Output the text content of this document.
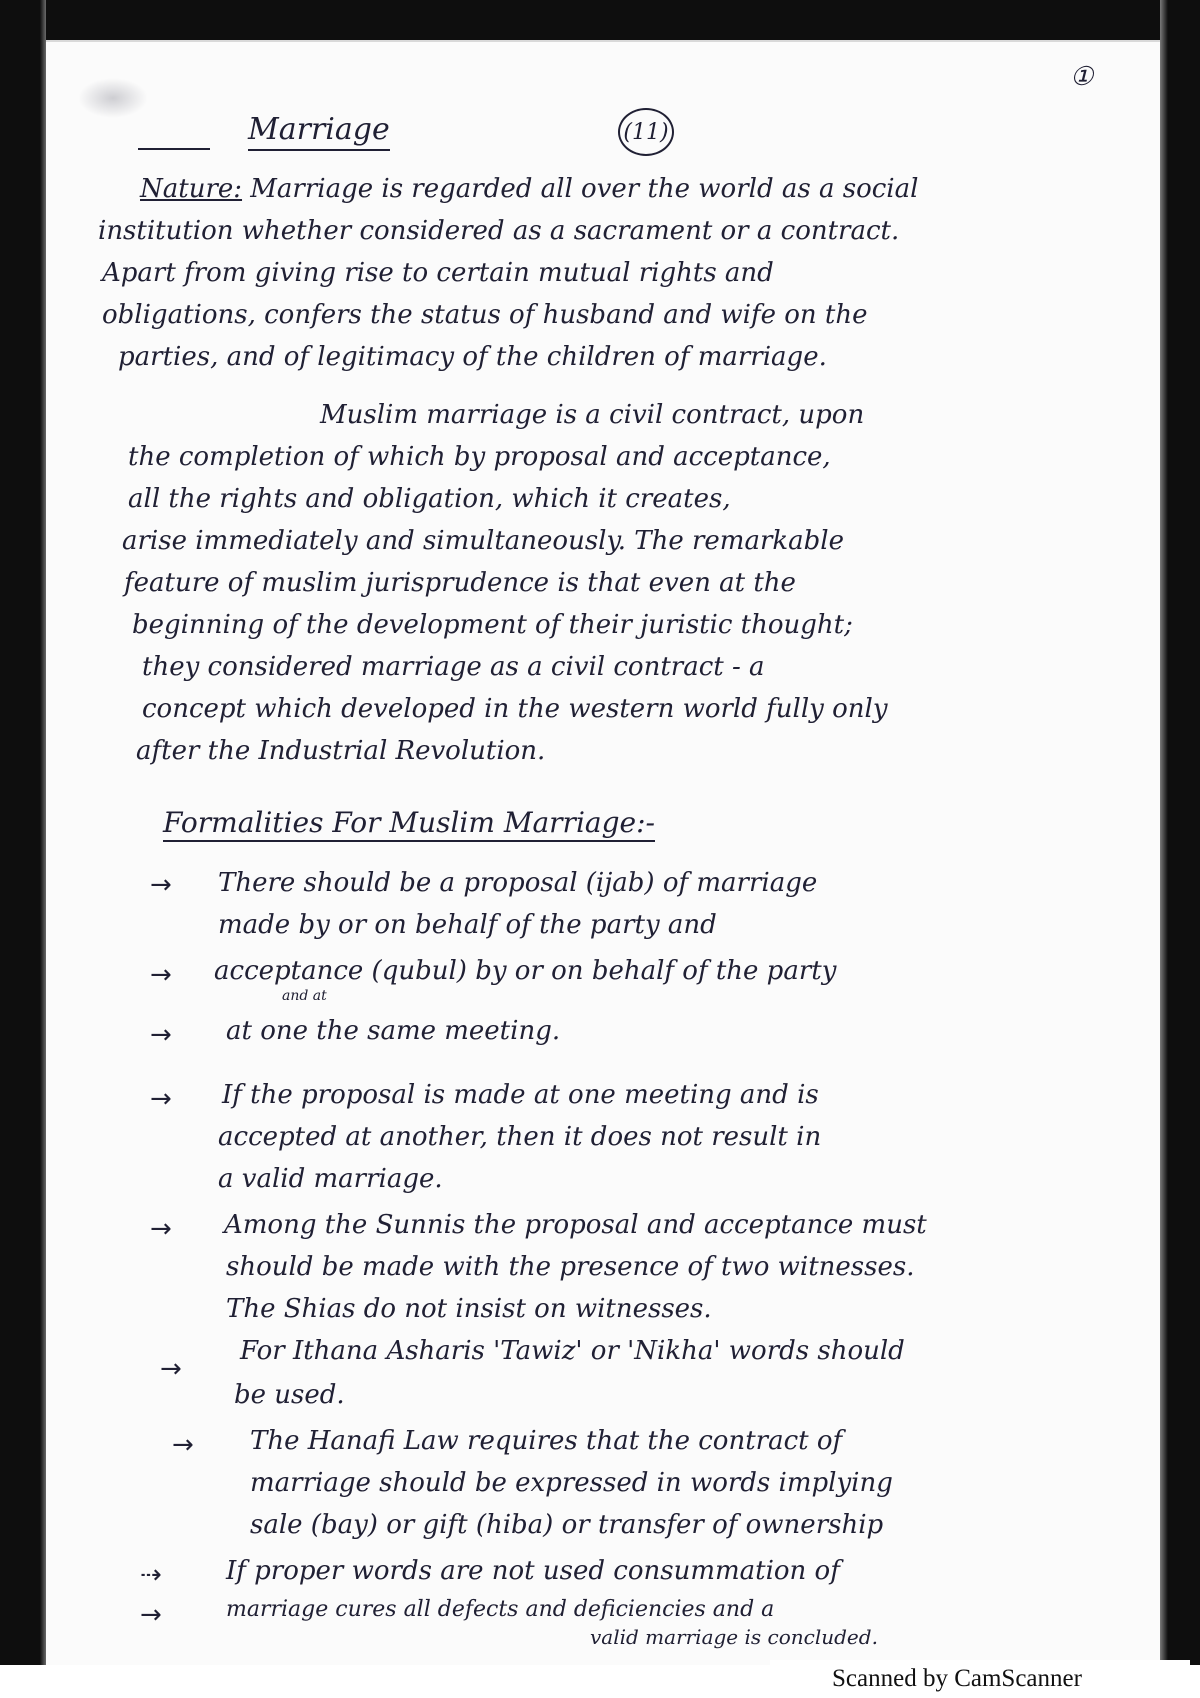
①

Marriage	(11)

Nature: Marriage is regarded all over the world as a social

institution whether considered as a sacrament or a contract.

Apart from giving rise to certain mutual rights and

obligations, confers the status of husband and wife on the

parties, and of legitimacy of the children of marriage.

Muslim marriage is a civil contract, upon

the completion of which by proposal and acceptance,

all the rights and obligation, which it creates,

arise immediately and simultaneously. The remarkable

feature of muslim jurisprudence is that even at the

beginning of the development of their juristic thought;

they considered marriage as a civil contract - a

concept which developed in the western world fully only

after the Industrial Revolution.

Formalities For Muslim Marriage:-

→ There should be a proposal (ijab) of marriage

made by or on behalf of the party and

→ acceptance (qubul) by or on behalf of the party

and at

→ at one the same meeting.

→ If the proposal is made at one meeting and is

accepted at another, then it does not result in

a valid marriage.

→ Among the Sunnis the proposal and acceptance must

should be made with the presence of two witnesses.

The Shias do not insist on witnesses.

→

For Ithana Asharis 'Tawiz' or 'Nikha' words should

be used.

→ The Hanafi Law requires that the contract of

marriage should be expressed in words implying

sale (bay) or gift (hiba) or transfer of ownership

⇢ If proper words are not used consummation of

→	marriage cures all defects and deficiencies and a

valid marriage is concluded.

Scanned by CamScanner
